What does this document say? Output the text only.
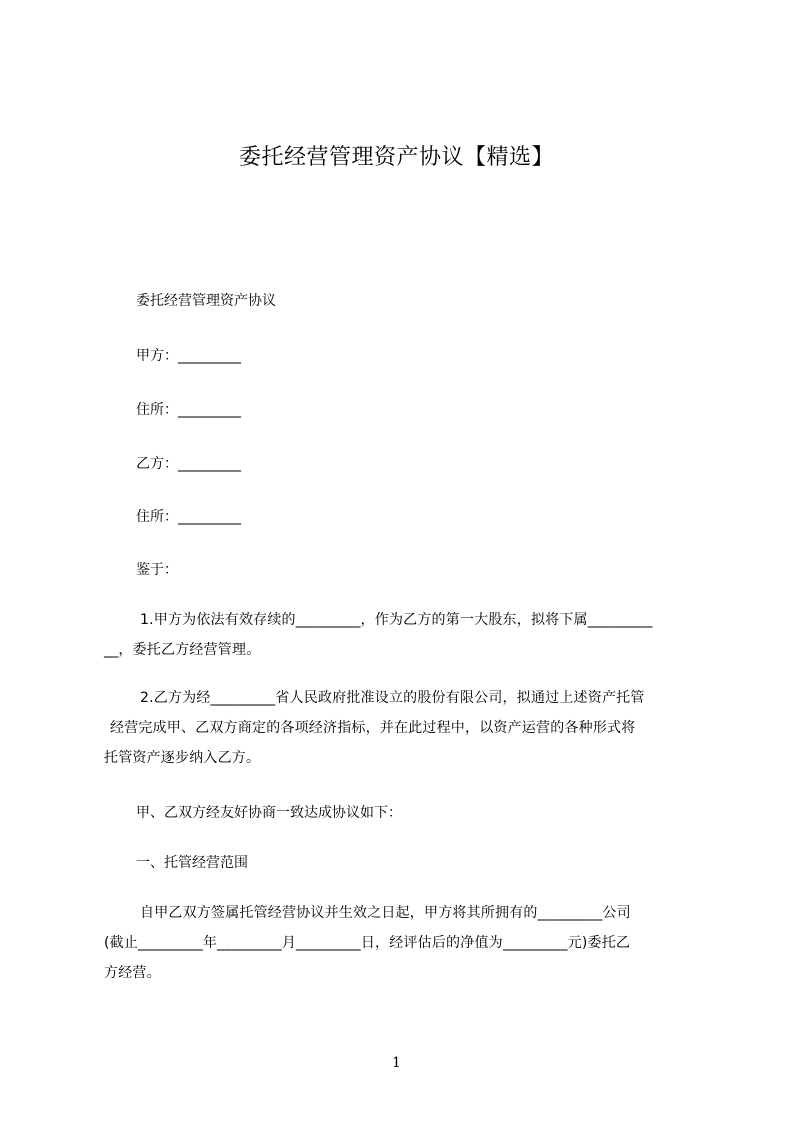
委托经营管理资产协议【精选】
委托经营管理资产协议
甲方：_________
住所：_________
乙方：_________
住所：_________
鉴于：
1.甲方为依法有效存续的_________，作为乙方的第一大股东，拟将下属_________
__，委托乙方经营管理。
2.乙方为经_________省人民政府批准设立的股份有限公司，拟通过上述资产托管
经营完成甲、乙双方商定的各项经济指标，并在此过程中，以资产运营的各种形式将
托管资产逐步纳入乙方。
甲、乙双方经友好协商一致达成协议如下：
一、托管经营范围
自甲乙双方签属托管经营协议并生效之日起，甲方将其所拥有的_________公司
(截止_________年_________月_________日，经评估后的净值为_________元)委托乙
方经营。
1
